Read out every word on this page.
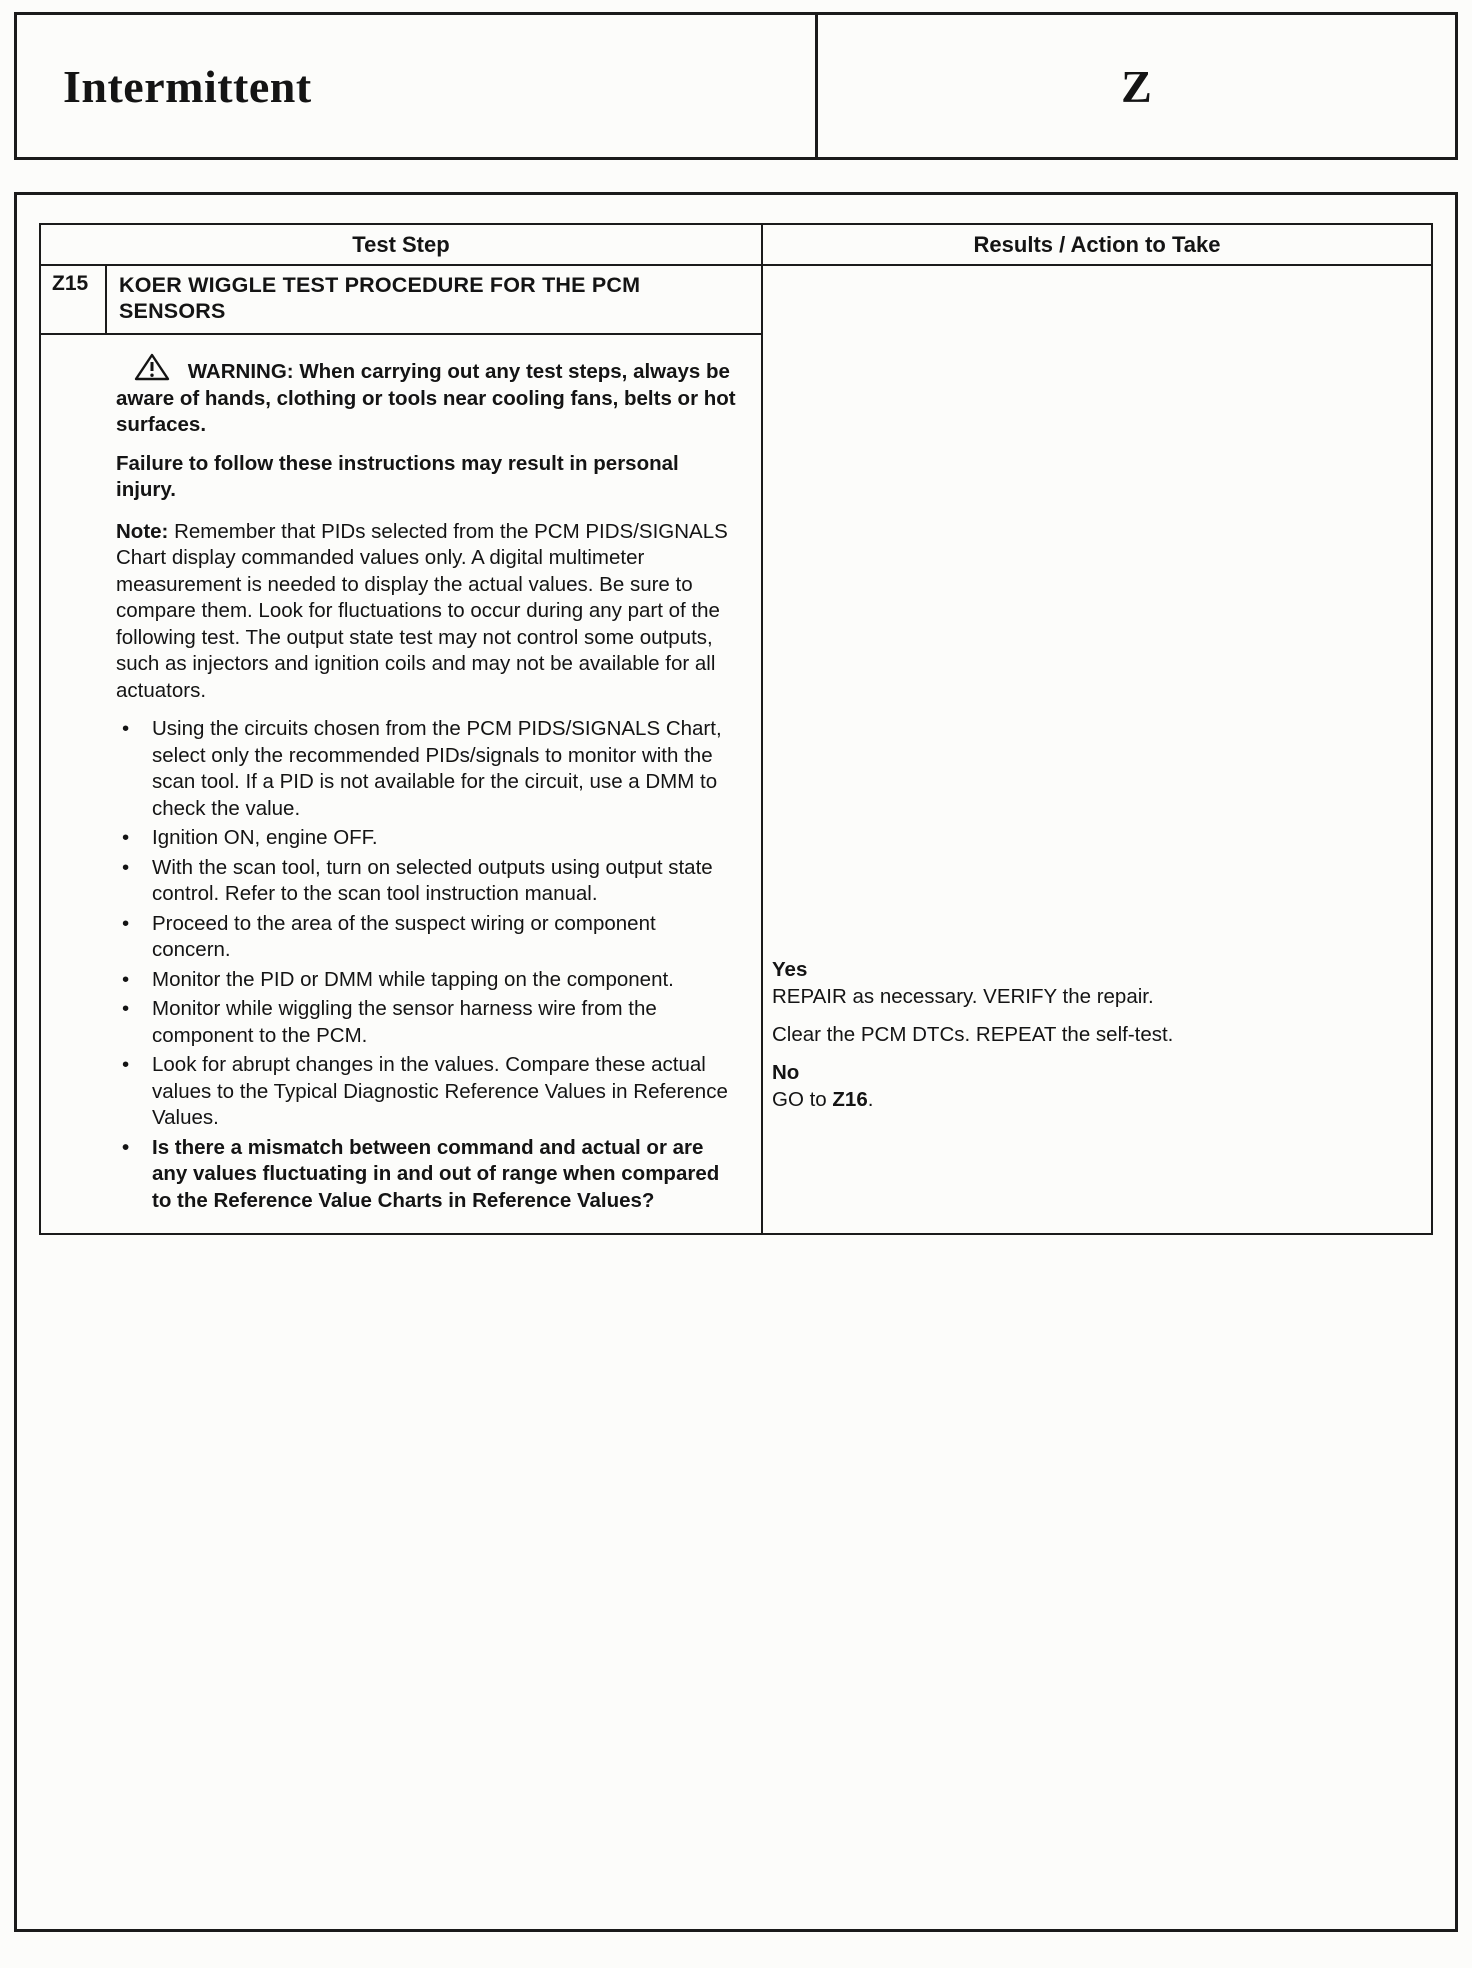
Intermittent	Z
Test Step	Results / Action to Take
Z15	KOER WIGGLE TEST PROCEDURE FOR THE PCM SENSORS

WARNING: When carrying out any test steps, always be aware of hands, clothing or tools near cooling fans, belts or hot surfaces.

Failure to follow these instructions may result in personal injury.

Note: Remember that PIDs selected from the PCM PIDS/SIGNALS Chart display commanded values only. A digital multimeter measurement is needed to display the actual values. Be sure to compare them. Look for fluctuations to occur during any part of the following test. The output state test may not control some outputs, such as injectors and ignition coils and may not be available for all actuators.

• Using the circuits chosen from the PCM PIDS/SIGNALS Chart, select only the recommended PIDs/signals to monitor with the scan tool. If a PID is not available for the circuit, use a DMM to check the value.
• Ignition ON, engine OFF.
• With the scan tool, turn on selected outputs using output state control. Refer to the scan tool instruction manual.
• Proceed to the area of the suspect wiring or component concern.
• Monitor the PID or DMM while tapping on the component.
• Monitor while wiggling the sensor harness wire from the component to the PCM.
• Look for abrupt changes in the values. Compare these actual values to the Typical Diagnostic Reference Values in Reference Values.
• Is there a mismatch between command and actual or are any values fluctuating in and out of range when compared to the Reference Value Charts in Reference Values?

Yes

REPAIR as necessary. VERIFY the repair.

Clear the PCM DTCs. REPEAT the self-test.

No

GO to Z16.
